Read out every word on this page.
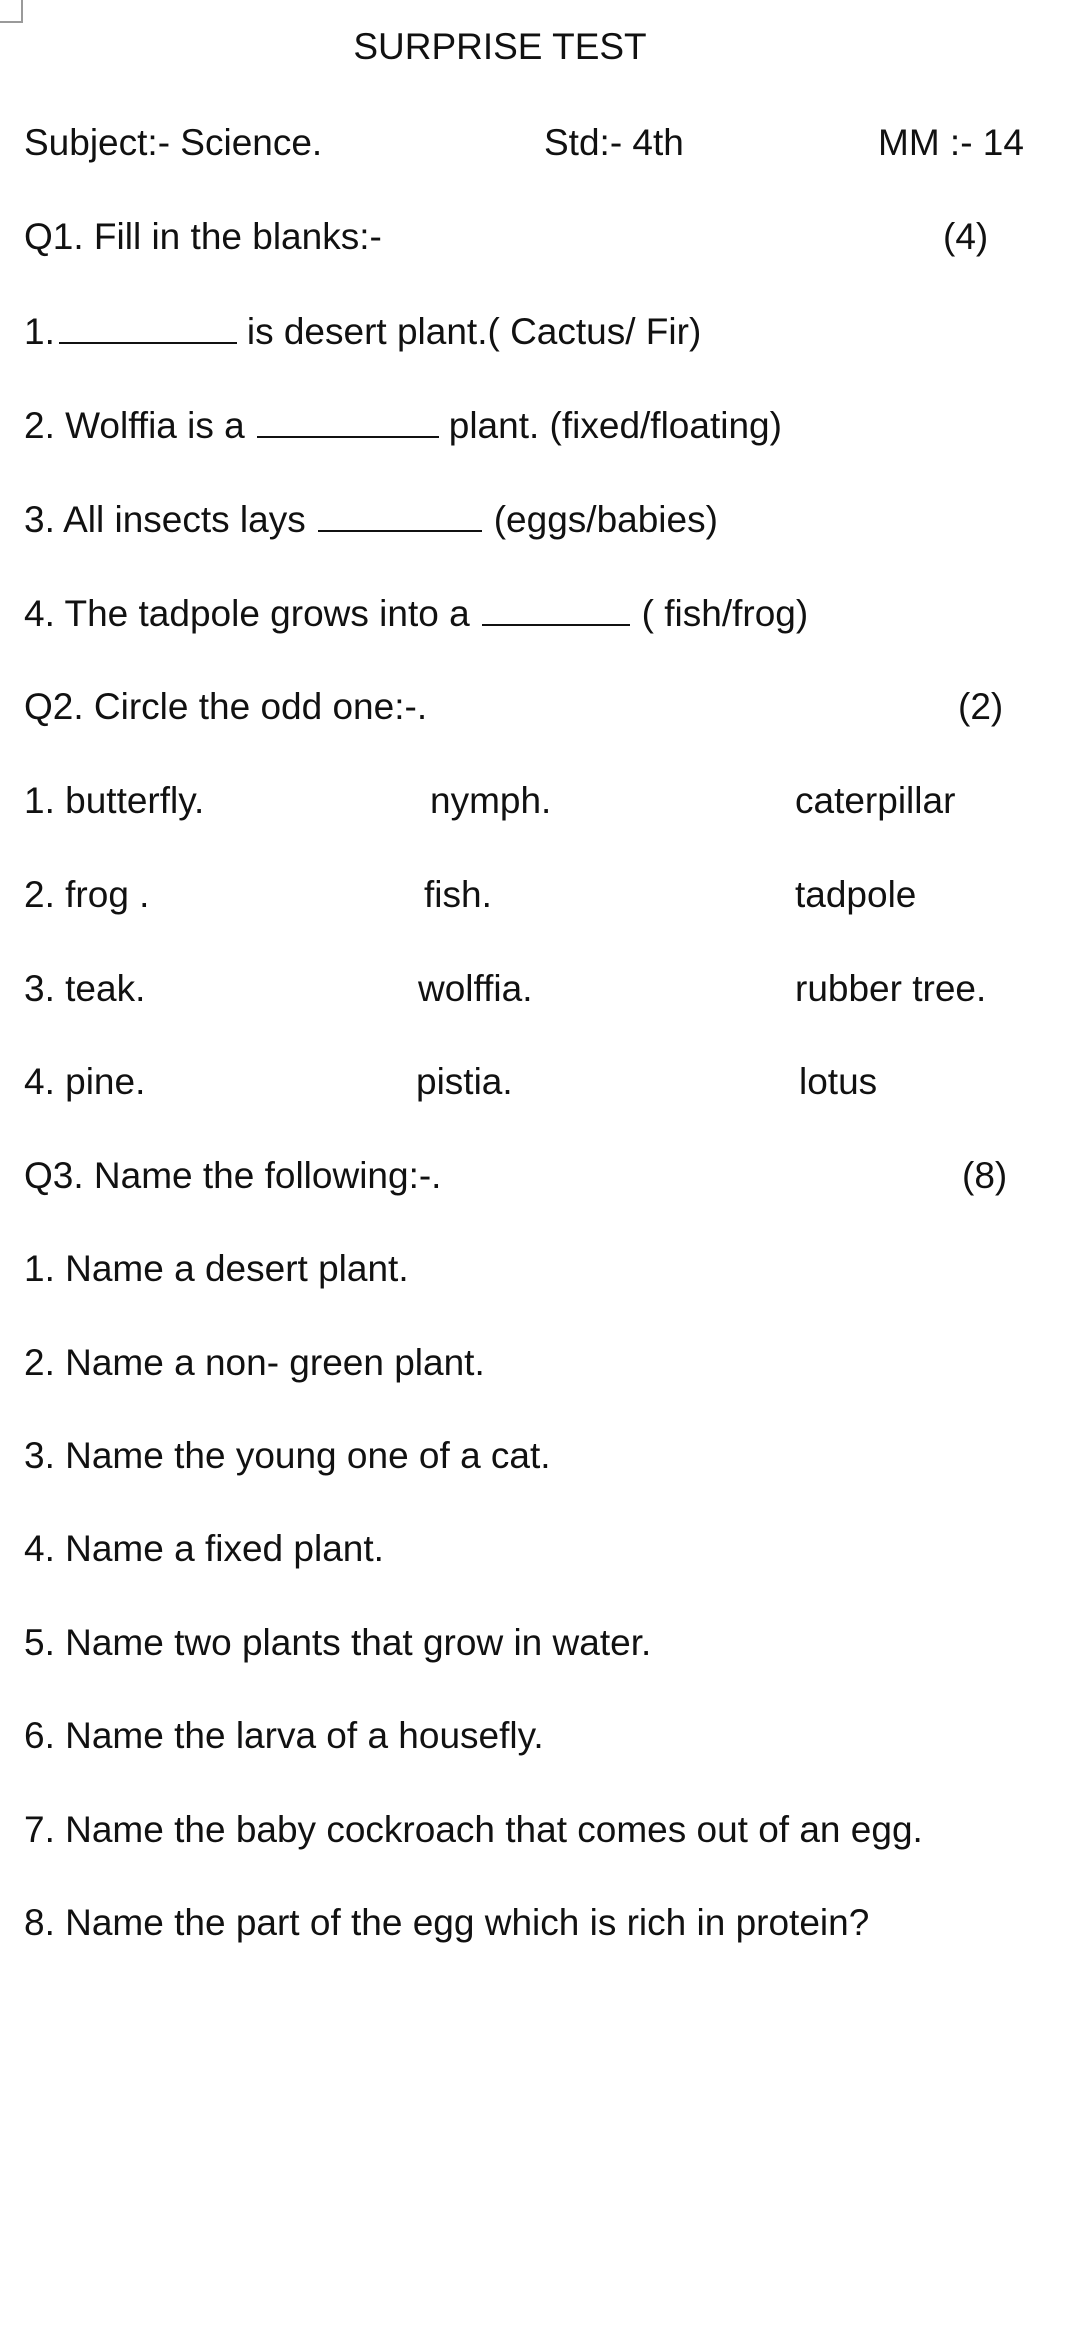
SURPRISE TEST
Subject:- Science.	Std:- 4th	MM :- 14
Q1. Fill in the blanks:-	(4)
1.	is desert plant.( Cactus/ Fir)
2. Wolffia is a	plant. (fixed/floating)
3. All insects lays	(eggs/babies)
4. The tadpole grows into a	( fish/frog)
Q2. Circle the odd one:-.	(2)
1. butterfly.	nymph.	caterpillar
2. frog .	fish.	tadpole
3. teak.	wolffia.	rubber tree.
4. pine.	pistia.	lotus
Q3. Name the following:-.	(8)
1. Name a desert plant.
2. Name a non- green plant.
3. Name the young one of a cat.
4. Name a fixed plant.
5. Name two plants that grow in water.
6. Name the larva of a housefly.
7. Name the baby cockroach that comes out of an egg.
8. Name the part of the egg which is rich in protein?
